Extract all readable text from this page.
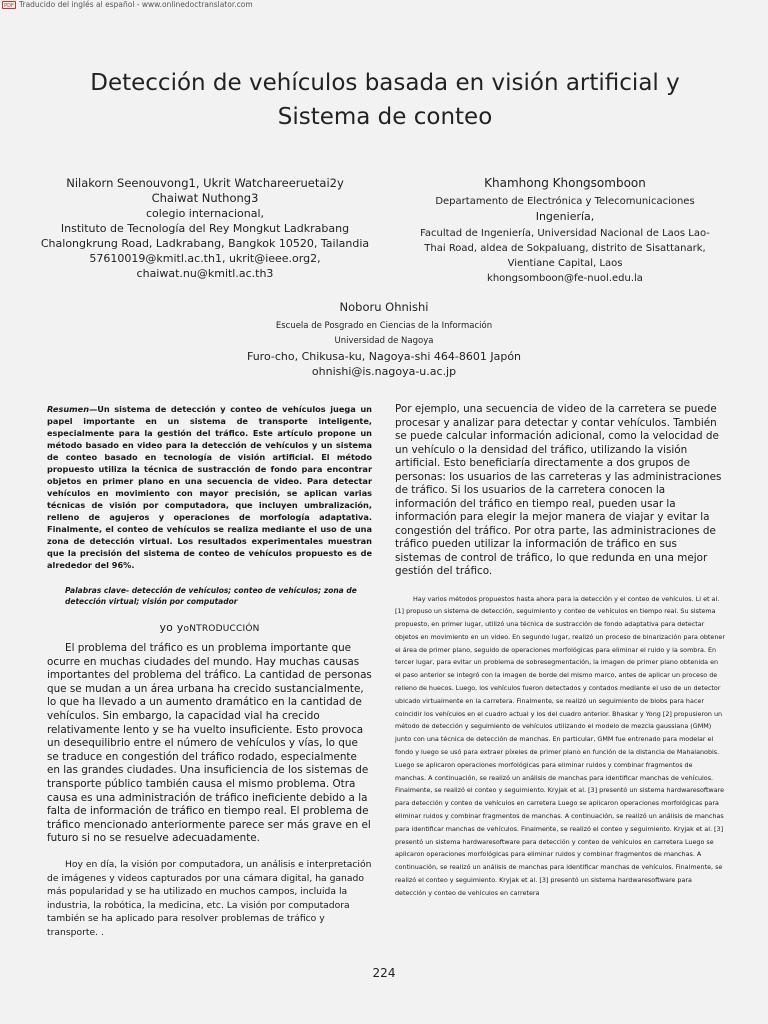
PDF Traducido del inglés al español - www.onlinedoctranslator.com
Detección de vehículos basada en visión artificial y
Sistema de conteo
Nilakorn Seenouvong1, Ukrit Watchareeruetai2y
Chaiwat Nuthong3
colegio internacional,
Instituto de Tecnología del Rey Mongkut Ladkrabang
Chalongkrung Road, Ladkrabang, Bangkok 10520, Tailandia
57610019@kmitl.ac.th1, ukrit@ieee.org2,
chaiwat.nu@kmitl.ac.th3
Khamhong Khongsomboon
Departamento de Electrónica y Telecomunicaciones
Ingeniería,
Facultad de Ingeniería, Universidad Nacional de Laos Lao-
Thai Road, aldea de Sokpaluang, distrito de Sisattanark,
Vientiane Capital, Laos
khongsomboon@fe-nuol.edu.la
Noboru Ohnishi
Escuela de Posgrado en Ciencias de la Información
Universidad de Nagoya
Furo-cho, Chikusa-ku, Nagoya-shi 464-8601 Japón
ohnishi@is.nagoya-u.ac.jp

Resumen—Un sistema de detección y conteo de vehículos juega un papel importante en un sistema de transporte inteligente, especialmente para la gestión del tráfico. Este artículo propone un método basado en video para la detección de vehículos y un sistema de conteo basado en tecnología de visión artificial. El método propuesto utiliza la técnica de sustracción de fondo para encontrar objetos en primer plano en una secuencia de video. Para detectar vehículos en movimiento con mayor precisión, se aplican varias técnicas de visión por computadora, que incluyen umbralización, relleno de agujeros y operaciones de morfología adaptativa. Finalmente, el conteo de vehículos se realiza mediante el uso de una zona de detección virtual. Los resultados experimentales muestran que la precisión del sistema de conteo de vehículos propuesto es de alrededor del 96%.

Palabras clave- detección de vehículos; conteo de vehículos; zona de detección virtual; visión por computador

yo yoNTRODUCCIÓN

El problema del tráfico es un problema importante que ocurre en muchas ciudades del mundo. Hay muchas causas importantes del problema del tráfico. La cantidad de personas que se mudan a un área urbana ha crecido sustancialmente, lo que ha llevado a un aumento dramático en la cantidad de vehículos. Sin embargo, la capacidad vial ha crecido relativamente lento y se ha vuelto insuficiente. Esto provoca un desequilibrio entre el número de vehículos y vías, lo que se traduce en congestión del tráfico rodado, especialmente en las grandes ciudades. Una insuficiencia de los sistemas de transporte público también causa el mismo problema. Otra causa es una administración de tráfico ineficiente debido a la falta de información de tráfico en tiempo real. El problema de tráfico mencionado anteriormente parece ser más grave en el futuro si no se resuelve adecuadamente.

Hoy en día, la visión por computadora, un análisis e interpretación de imágenes y videos capturados por una cámara digital, ha ganado más popularidad y se ha utilizado en muchos campos, incluida la industria, la robótica, la medicina, etc. La visión por computadora también se ha aplicado para resolver problemas de tráfico y transporte. .

Por ejemplo, una secuencia de video de la carretera se puede procesar y analizar para detectar y contar vehículos. También se puede calcular información adicional, como la velocidad de un vehículo o la densidad del tráfico, utilizando la visión artificial. Esto beneficiaría directamente a dos grupos de personas: los usuarios de las carreteras y las administraciones de tráfico. Si los usuarios de la carretera conocen la información del tráfico en tiempo real, pueden usar la información para elegir la mejor manera de viajar y evitar la congestión del tráfico. Por otra parte, las administraciones de tráfico pueden utilizar la información de tráfico en sus sistemas de control de tráfico, lo que redunda en una mejor gestión del tráfico.

Hay varios métodos propuestos hasta ahora para la detección y el conteo de vehículos. Li et al. [1] propuso un sistema de detección, seguimiento y conteo de vehículos en tiempo real. Su sistema propuesto, en primer lugar, utilizó una técnica de sustracción de fondo adaptativa para detectar objetos en movimiento en un video. En segundo lugar, realizó un proceso de binarización para obtener el área de primer plano, seguido de operaciones morfológicas para eliminar el ruido y la sombra. En tercer lugar, para evitar un problema de sobresegmentación, la imagen de primer plano obtenida en el paso anterior se integró con la imagen de borde del mismo marco, antes de aplicar un proceso de relleno de huecos. Luego, los vehículos fueron detectados y contados mediante el uso de un detector ubicado virtualmente en la carretera. Finalmente, se realizó un seguimiento de blobs para hacer coincidir los vehículos en el cuadro actual y los del cuadro anterior. Bhaskar y Yong [2] propusieron un método de detección y seguimiento de vehículos utilizando el modelo de mezcla gaussiana (GMM) junto con una técnica de detección de manchas. En particular, GMM fue entrenado para modelar el fondo y luego se usó para extraer píxeles de primer plano en función de la distancia de Mahalanobis. Luego se aplicaron operaciones morfológicas para eliminar ruidos y combinar fragmentos de manchas. A continuación, se realizó un análisis de manchas para identificar manchas de vehículos. Finalmente, se realizó el conteo y seguimiento. Kryjak et al. [3] presentó un sistema hardwaresoftware para detección y conteo de vehículos en carretera Luego se aplicaron operaciones morfológicas para eliminar ruidos y combinar fragmentos de manchas. A continuación, se realizó un análisis de manchas para identificar manchas de vehículos. Finalmente, se realizó el conteo y seguimiento. Kryjak et al. [3] presentó un sistema hardwaresoftware para detección y conteo de vehículos en carretera Luego se aplicaron operaciones morfológicas para eliminar ruidos y combinar fragmentos de manchas. A continuación, se realizó un análisis de manchas para identificar manchas de vehículos. Finalmente, se realizó el conteo y seguimiento. Kryjak et al. [3] presentó un sistema hardwaresoftware para detección y conteo de vehículos en carretera

224
